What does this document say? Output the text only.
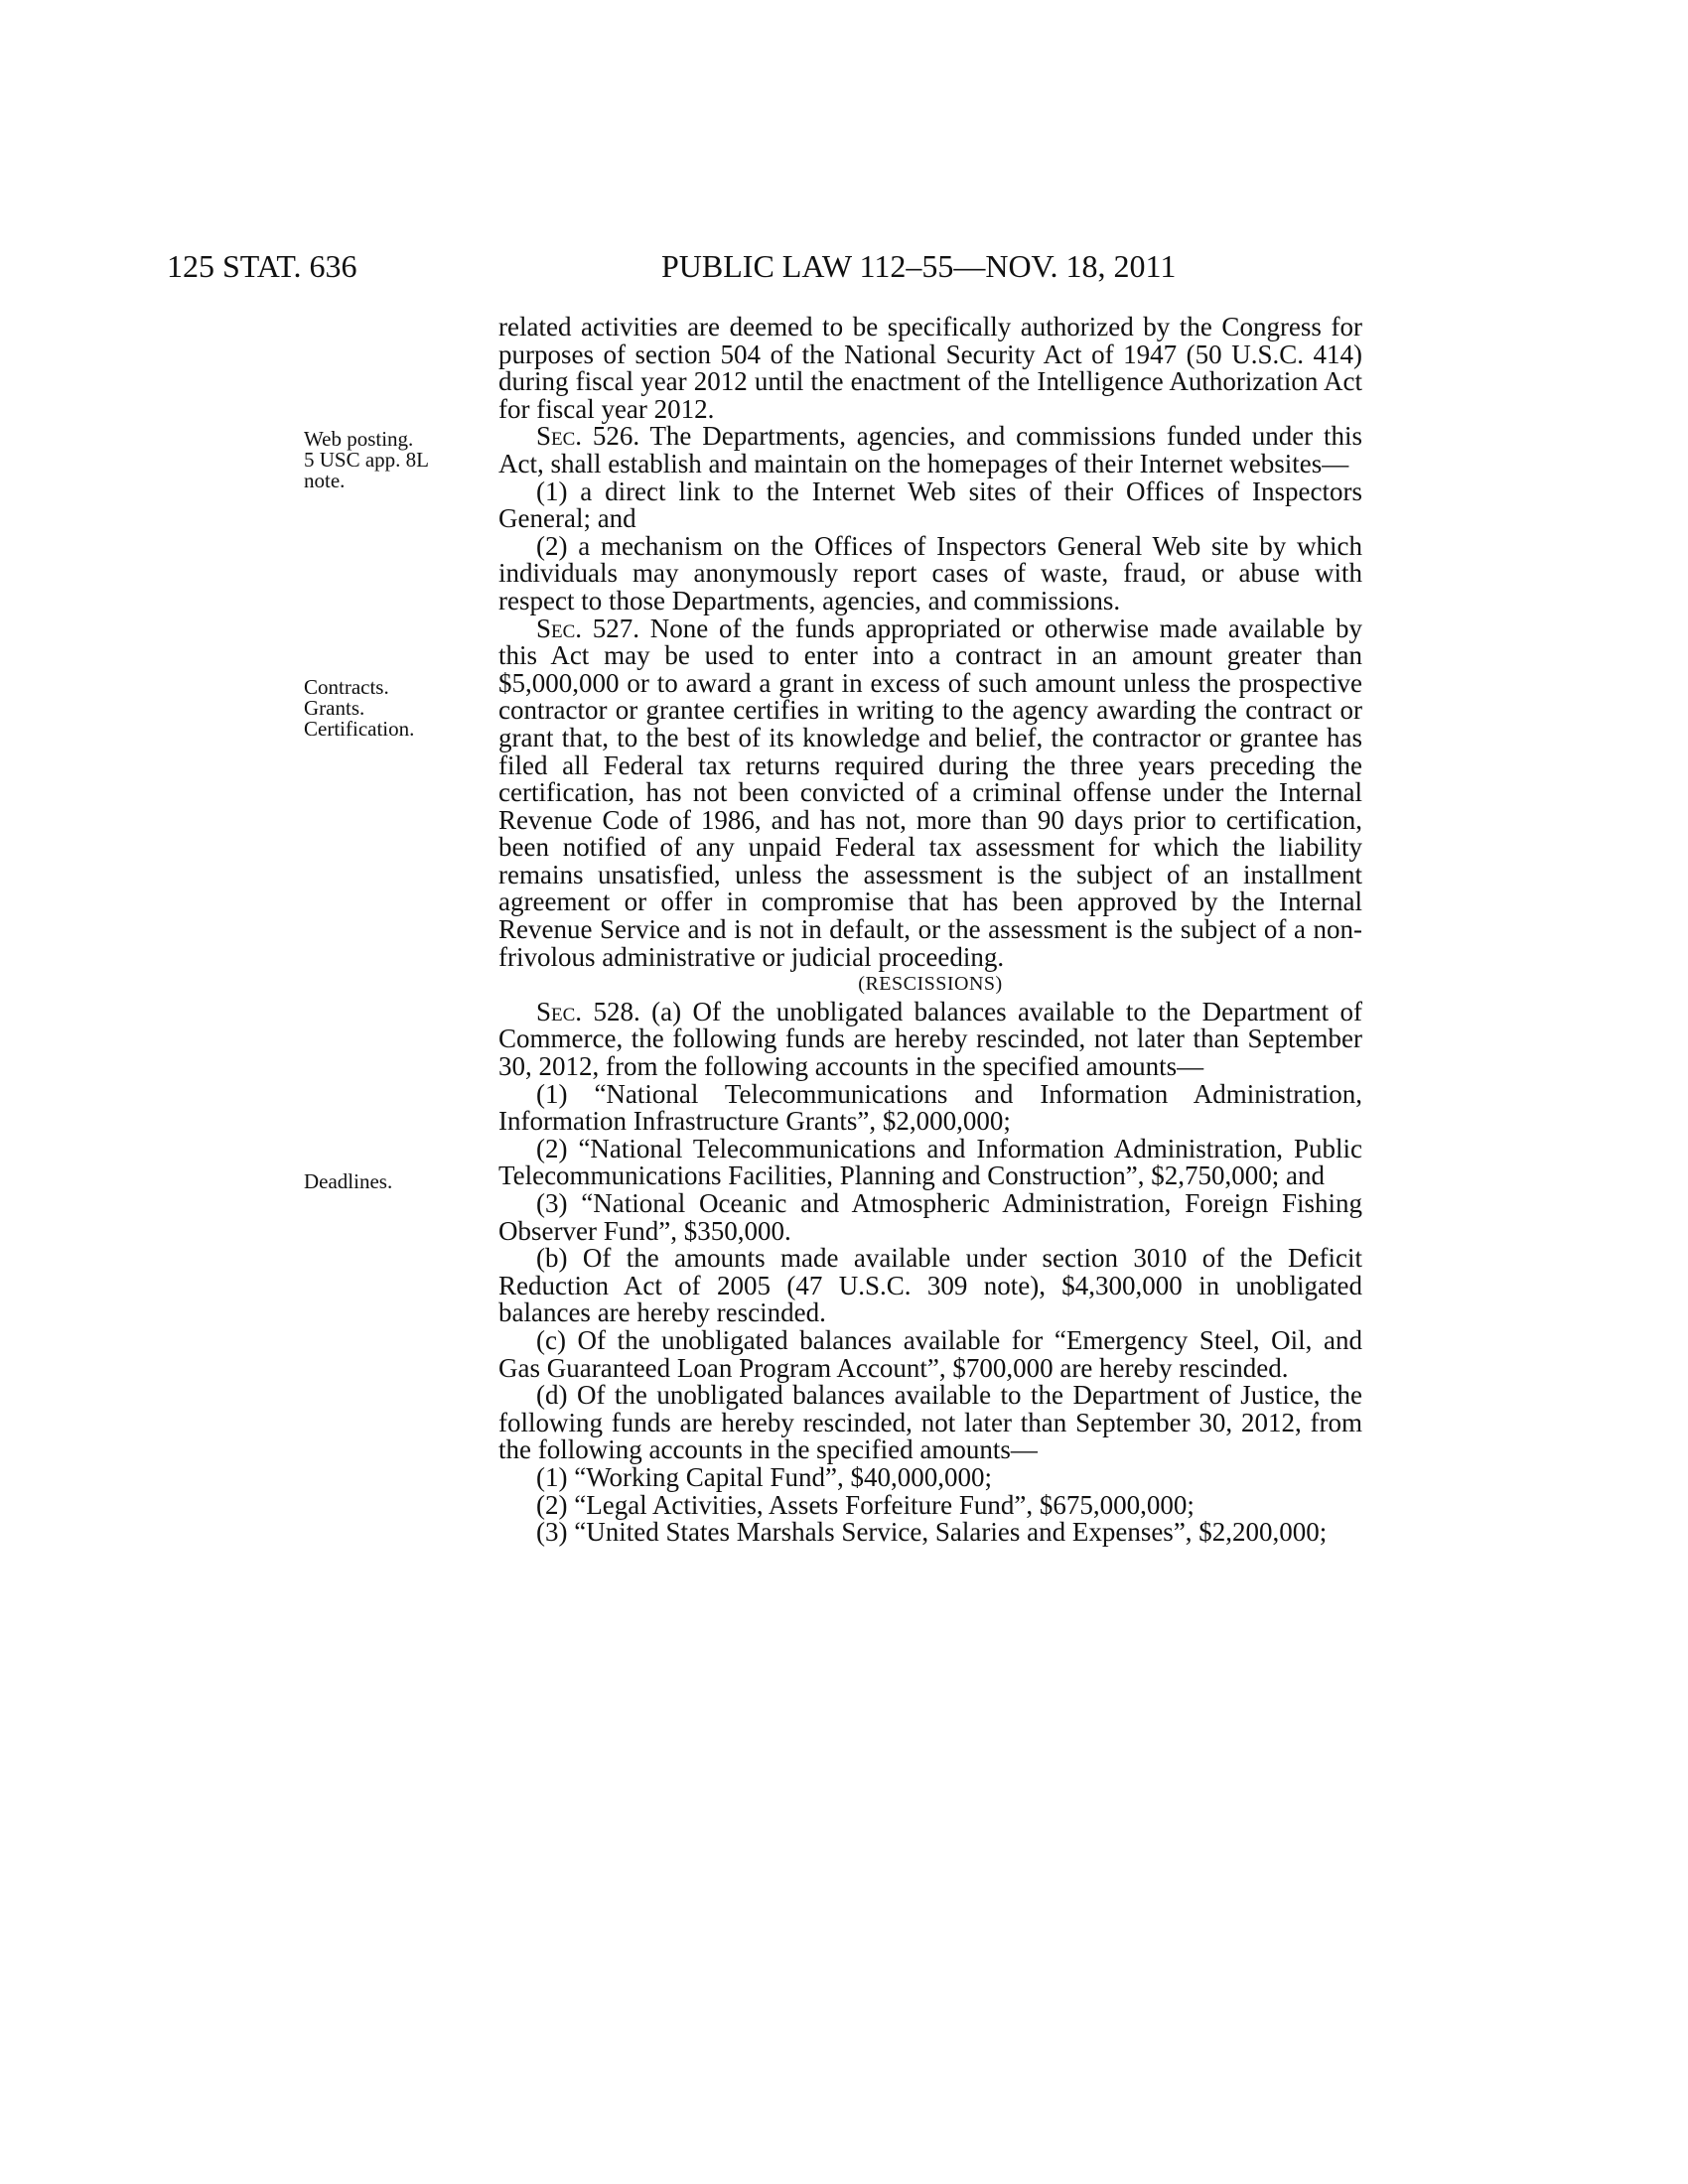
125 STAT. 636	PUBLIC LAW 112–55—NOV. 18, 2011
Web posting.
5 USC app. 8L
note.
Contracts.
Grants.
Certification.
Deadlines.

related activities are deemed to be specifically authorized by the Congress for purposes of section 504 of the National Security Act of 1947 (50 U.S.C. 414) during fiscal year 2012 until the enactment of the Intelligence Authorization Act for fiscal year 2012.

Sec. 526. The Departments, agencies, and commissions funded under this Act, shall establish and maintain on the homepages of their Internet websites—

(1) a direct link to the Internet Web sites of their Offices of Inspectors General; and

(2) a mechanism on the Offices of Inspectors General Web site by which individuals may anonymously report cases of waste, fraud, or abuse with respect to those Departments, agencies, and commissions.

Sec. 527. None of the funds appropriated or otherwise made available by this Act may be used to enter into a contract in an amount greater than $5,000,000 or to award a grant in excess of such amount unless the prospective contractor or grantee certifies in writing to the agency awarding the contract or grant that, to the best of its knowledge and belief, the contractor or grantee has filed all Federal tax returns required during the three years preceding the certification, has not been convicted of a criminal offense under the Internal Revenue Code of 1986, and has not, more than 90 days prior to certification, been notified of any unpaid Federal tax assessment for which the liability remains unsatisfied, unless the assessment is the subject of an installment agreement or offer in compromise that has been approved by the Internal Revenue Service and is not in default, or the assessment is the subject of a non-frivolous administrative or judicial proceeding.

(RESCISSIONS)

Sec. 528. (a) Of the unobligated balances available to the Department of Commerce, the following funds are hereby rescinded, not later than September 30, 2012, from the following accounts in the specified amounts—

(1) “National Telecommunications and Information Administration, Information Infrastructure Grants”, $2,000,000;

(2) “National Telecommunications and Information Administration, Public Telecommunications Facilities, Planning and Construction”, $2,750,000; and

(3) “National Oceanic and Atmospheric Administration, Foreign Fishing Observer Fund”, $350,000.

(b) Of the amounts made available under section 3010 of the Deficit Reduction Act of 2005 (47 U.S.C. 309 note), $4,300,000 in unobligated balances are hereby rescinded.

(c) Of the unobligated balances available for “Emergency Steel, Oil, and Gas Guaranteed Loan Program Account”, $700,000 are hereby rescinded.

(d) Of the unobligated balances available to the Department of Justice, the following funds are hereby rescinded, not later than September 30, 2012, from the following accounts in the specified amounts—

(1) “Working Capital Fund”, $40,000,000;

(2) “Legal Activities, Assets Forfeiture Fund”, $675,000,000;

(3) “United States Marshals Service, Salaries and Expenses”, $2,200,000;
